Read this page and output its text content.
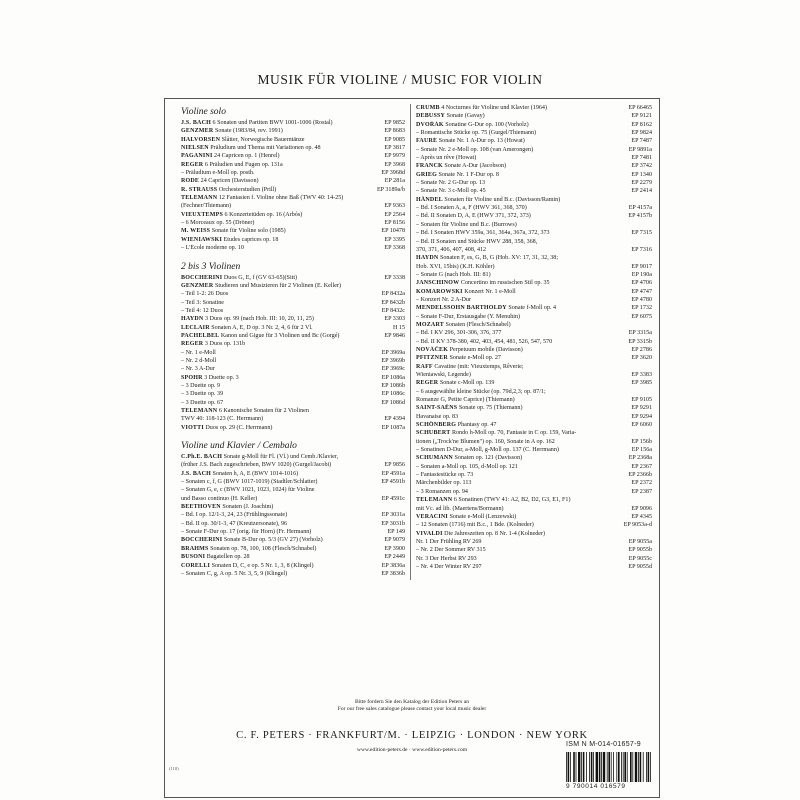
MUSIK FÜR VIOLINE / MUSIC FOR VIOLIN
Violine solo
J.S. BACH 6 Sonaten und Partiten BWV 1001-1006 (Rostal)	EP 9852
GENZMER Sonate (1983/84, rev. 1991)	EP 8683
HALVORSEN Slåtter, Norwegische Bauerntänze	EP 9085
NIELSEN Präludium und Thema mit Variationen op. 48	EP 3817
PAGANINI 24 Capricen op. 1 (Henrel)	EP 9979
REGER 6 Präludien und Fugen op. 131a	EP 3968
– Präludium e-Moll op. posth.	EP 3968d
RODE 24 Capricen (Davisson)	EP 281a
R. STRAUSS Orchesterstudien (Prill)	EP 3189a/b
TELEMANN 12 Fantasien f. Violine ohne Baß (TWV 40: 14-25)
(Fechner/Thiemann)	EP 9363
VIEUXTEMPS 6 Konzertetüden op. 16 (Arbós)	EP 2564
– 6 Morceaux op. 55 (Dröner)	EP 8156
M. WEISS Sonate für Violine solo (1985)	EP 10478
WIENIAWSKI Etudes caprices op. 18	EP 3395
– L'École moderne op. 10	EP 3368
2 bis 3 Violinen
BOCCHERINI Duos G, E, f (GV 63-65)(Sitt)	EP 3338
GENZMER Studieren und Musizieren für 2 Violinen (E. Keller)
– Teil 1-2: 26 Duos	EP 8432a
– Teil 3: Sonatine	EP 8432b
– Teil 4: 12 Duos	EP 8432c
HAYDN 3 Duos op. 99 (nach Hob. III: 10, 20, 11, 25)	EP 3303
LECLAIR Sonaten A, E, D op. 3 Nr. 2, 4, 6 für 2 Vl.	H 15
PACHELBEL Kanon und Gigue für 3 Violinen und Bc (Gorgé)	EP 9846
REGER 3 Duos op. 131b
– Nr. 1 e-Moll	EP 3969a
– Nr. 2 d-Moll	EP 3969b
– Nr. 3 A-Dur	EP 3969c
SPOHR 3 Duette op. 3	EP 1086a
– 3 Duette op. 9	EP 1086b
– 3 Duette op. 39	EP 1086c
– 3 Duette op. 67	EP 1086d
TELEMANN 6 Kanonische Sonaten für 2 Violinen
TWV 40: 118-123 (C. Herrmann)	EP 4394
VIOTTI Duos op. 29 (C. Herrmann)	EP 1087a
Violine und Klavier / Cembalo
C.Ph.E. BACH Sonate g-Moll für Fl. (Vl.) und Cemb./Klavier,
(früher J.S. Bach zugeschrieben, BWV 1020) (Gurgel/Jacobi)	EP 9856
J.S. BACH Sonaten h, A, E (BWV 1014-1016)	EP 4591a
– Sonaten c, f, G (BWV 1017-1019) (Stadtler/Schlatter)	EP 4591b
– Sonaten G, e, c (BWV 1021, 1023, 1024) für Violine
und Basso continuo (H. Keller)	EP 4591c
BEETHOVEN Sonaten (J. Joachim)
– Bd. I op. 12/1-3, 24, 23 (Frühlingssonate)	EP 3031a
– Bd. II op. 30/1-3, 47 (Kreutzersonate), 96	EP 3031b
– Sonate F-Dur op. 17 (orig. für Horn) (Fr. Hermann)	EP 149
BOCCHERINI Sonate B-Dur op. 5/3 (GV 27) (Vorholz)	EP 9079
BRAHMS Sonaten op. 78, 100, 108 (Flesch/Schnabel)	EP 3900
BUSONI Bagatellen op. 28	EP 2449
CORELLI Sonaten D, C, e op. 5 Nr. 1, 3, 8 (Klingel)	EP 3836a
– Sonaten C, g, A op. 5 Nr. 3, 5, 9 (Klingel)	EP 3836b
CRUMB 4 Nocturnes für Violine und Klavier (1964)	EP 66465
DEBUSSY Sonate (Gavay)	EP 9121
DVOŘÁK Sonatine G-Dur op. 100 (Vorholz)	EP 8162
– Romantische Stücke op. 75 (Gurgel/Thiemann)	EP 9824
FAURÉ Sonate Nr. 1 A-Dur op. 13 (Howat)	EP 7487
– Sonate Nr. 2 e-Moll op. 108 (van Amerongen)	EP 9891a
– Après un rêve (Howat)	EP 7481
FRANCK Sonate A-Dur (Jacobson)	EP 3742
GRIEG Sonate Nr. 1 F-Dur op. 8	EP 1340
– Sonate Nr. 2 G-Dur op. 13	EP 2279
– Sonate Nr. 3 c-Moll op. 45	EP 2414
HÄNDEL Sonaten für Violine und B.c. (Davisson/Ramin)
– Bd. I Sonaten A, a, F (HWV 361, 368, 370)	EP 4157a
– Bd. II Sonaten D, A, E (HWV 371, 372, 373)	EP 4157b
– Sonaten für Violine und B.c. (Burrows)
– Bd. I Sonaten HWV 359a, 361, 364a, 367a, 372, 373	EP 7315
– Bd. II Sonaten und Stücke HWV 288, 358, 368,
370, 371, 406, 407, 408, 412	EP 7316
HAYDN Sonaten F, es, G, B, G (Hob. XV: 17, 31, 32, 38;
Hob. XVI, 15bis) (K.H. Köhler)	EP 9017
– Sonate G (nach Hob. III: 81)	EP 190a
JANSCHINOW Concertino im russischen Stil op. 35	EP 4706
KOMAROWSKI Konzert Nr. 1 e-Moll	EP 4747
– Konzert Nr. 2 A-Dur	EP 4780
MENDELSSOHN BARTHOLDY Sonate f-Moll op. 4	EP 1732
– Sonate F-Dur, Erstausgabe (Y. Menuhin)	EP 6075
MOZART Sonaten (Flesch/Schnabel)
– Bd. I KV 296, 301-306, 376, 377	EP 3315a
– Bd. II KV 378-380, 402, 403, 454, 481, 526, 547, 570	EP 3315b
NOVÁČEK Perpetuum mobile (Davisson)	EP 2786
PFITZNER Sonate e-Moll op. 27	EP 3620
RAFF Cavatine (mit: Vieuxtemps, Rêverie;
Wieniawski, Legende)	EP 3383
REGER Sonate c-Moll op. 139	EP 3985
– 6 ausgewählte kleine Stücke (op. 79d,2,3; op. 87/1;
Romanze G, Petite Caprice) (Thiemann)	EP 9105
SAINT-SAËNS Sonate op. 75 (Thiemann)	EP 9291
Havanaise op. 83	EP 9294
SCHÖNBERG Phantasy op. 47	EP 6060
SCHUBERT Rondo h-Moll op. 70, Fantasie in C op. 159, Varia-
tionen („Trock'ne Blumen") op. 160, Sonate in A op. 162	EP 156b
– Sonatinen D-Dur, a-Moll, g-Moll op. 137 (C. Herrmann)	EP 156a
SCHUMANN Sonaten op. 121 (Davisson)	EP 2368a
– Sonaten a-Moll op. 105, d-Moll op. 121	EP 2367
– Fantasiestücke op. 73	EP 2366b
Märchenbilder op. 113	EP 2372
– 3 Romanzen op. 94	EP 2387
TELEMANN 6 Sonatinen (TWV 41: A2, B2, D2, G3, E1, F1)
mit Vc. ad lib. (Maertens/Bormann)	EP 9096
VERACINI Sonate e-Moll (Lenzewski)	EP 4345
– 12 Sonaten (1716) mit B.c., 1 Bde. (Kolneder)	EP 9053a-d
VIVALDI Die Jahreszeiten op. 8 Nr. 1-4 (Kolneder)
Nr. 1 Der Frühling RV 269	EP 9055a
– Nr. 2 Der Sommer RV 315	EP 9055b
Nr. 3 Der Herbst RV 293	EP 9055c
– Nr. 4 Der Winter RV 297	EP 9055d
Bitte fordern Sie den Katalog der Edition Peters an
For our free sales catalogue please contact your local music dealer
C. F. PETERS · FRANKFURT/M. · LEIPZIG · LONDON · NEW YORK
www.edition-peters.de · www.edition-peters.com
(110)
ISM N M-014-01657-9
9 790014 016579
